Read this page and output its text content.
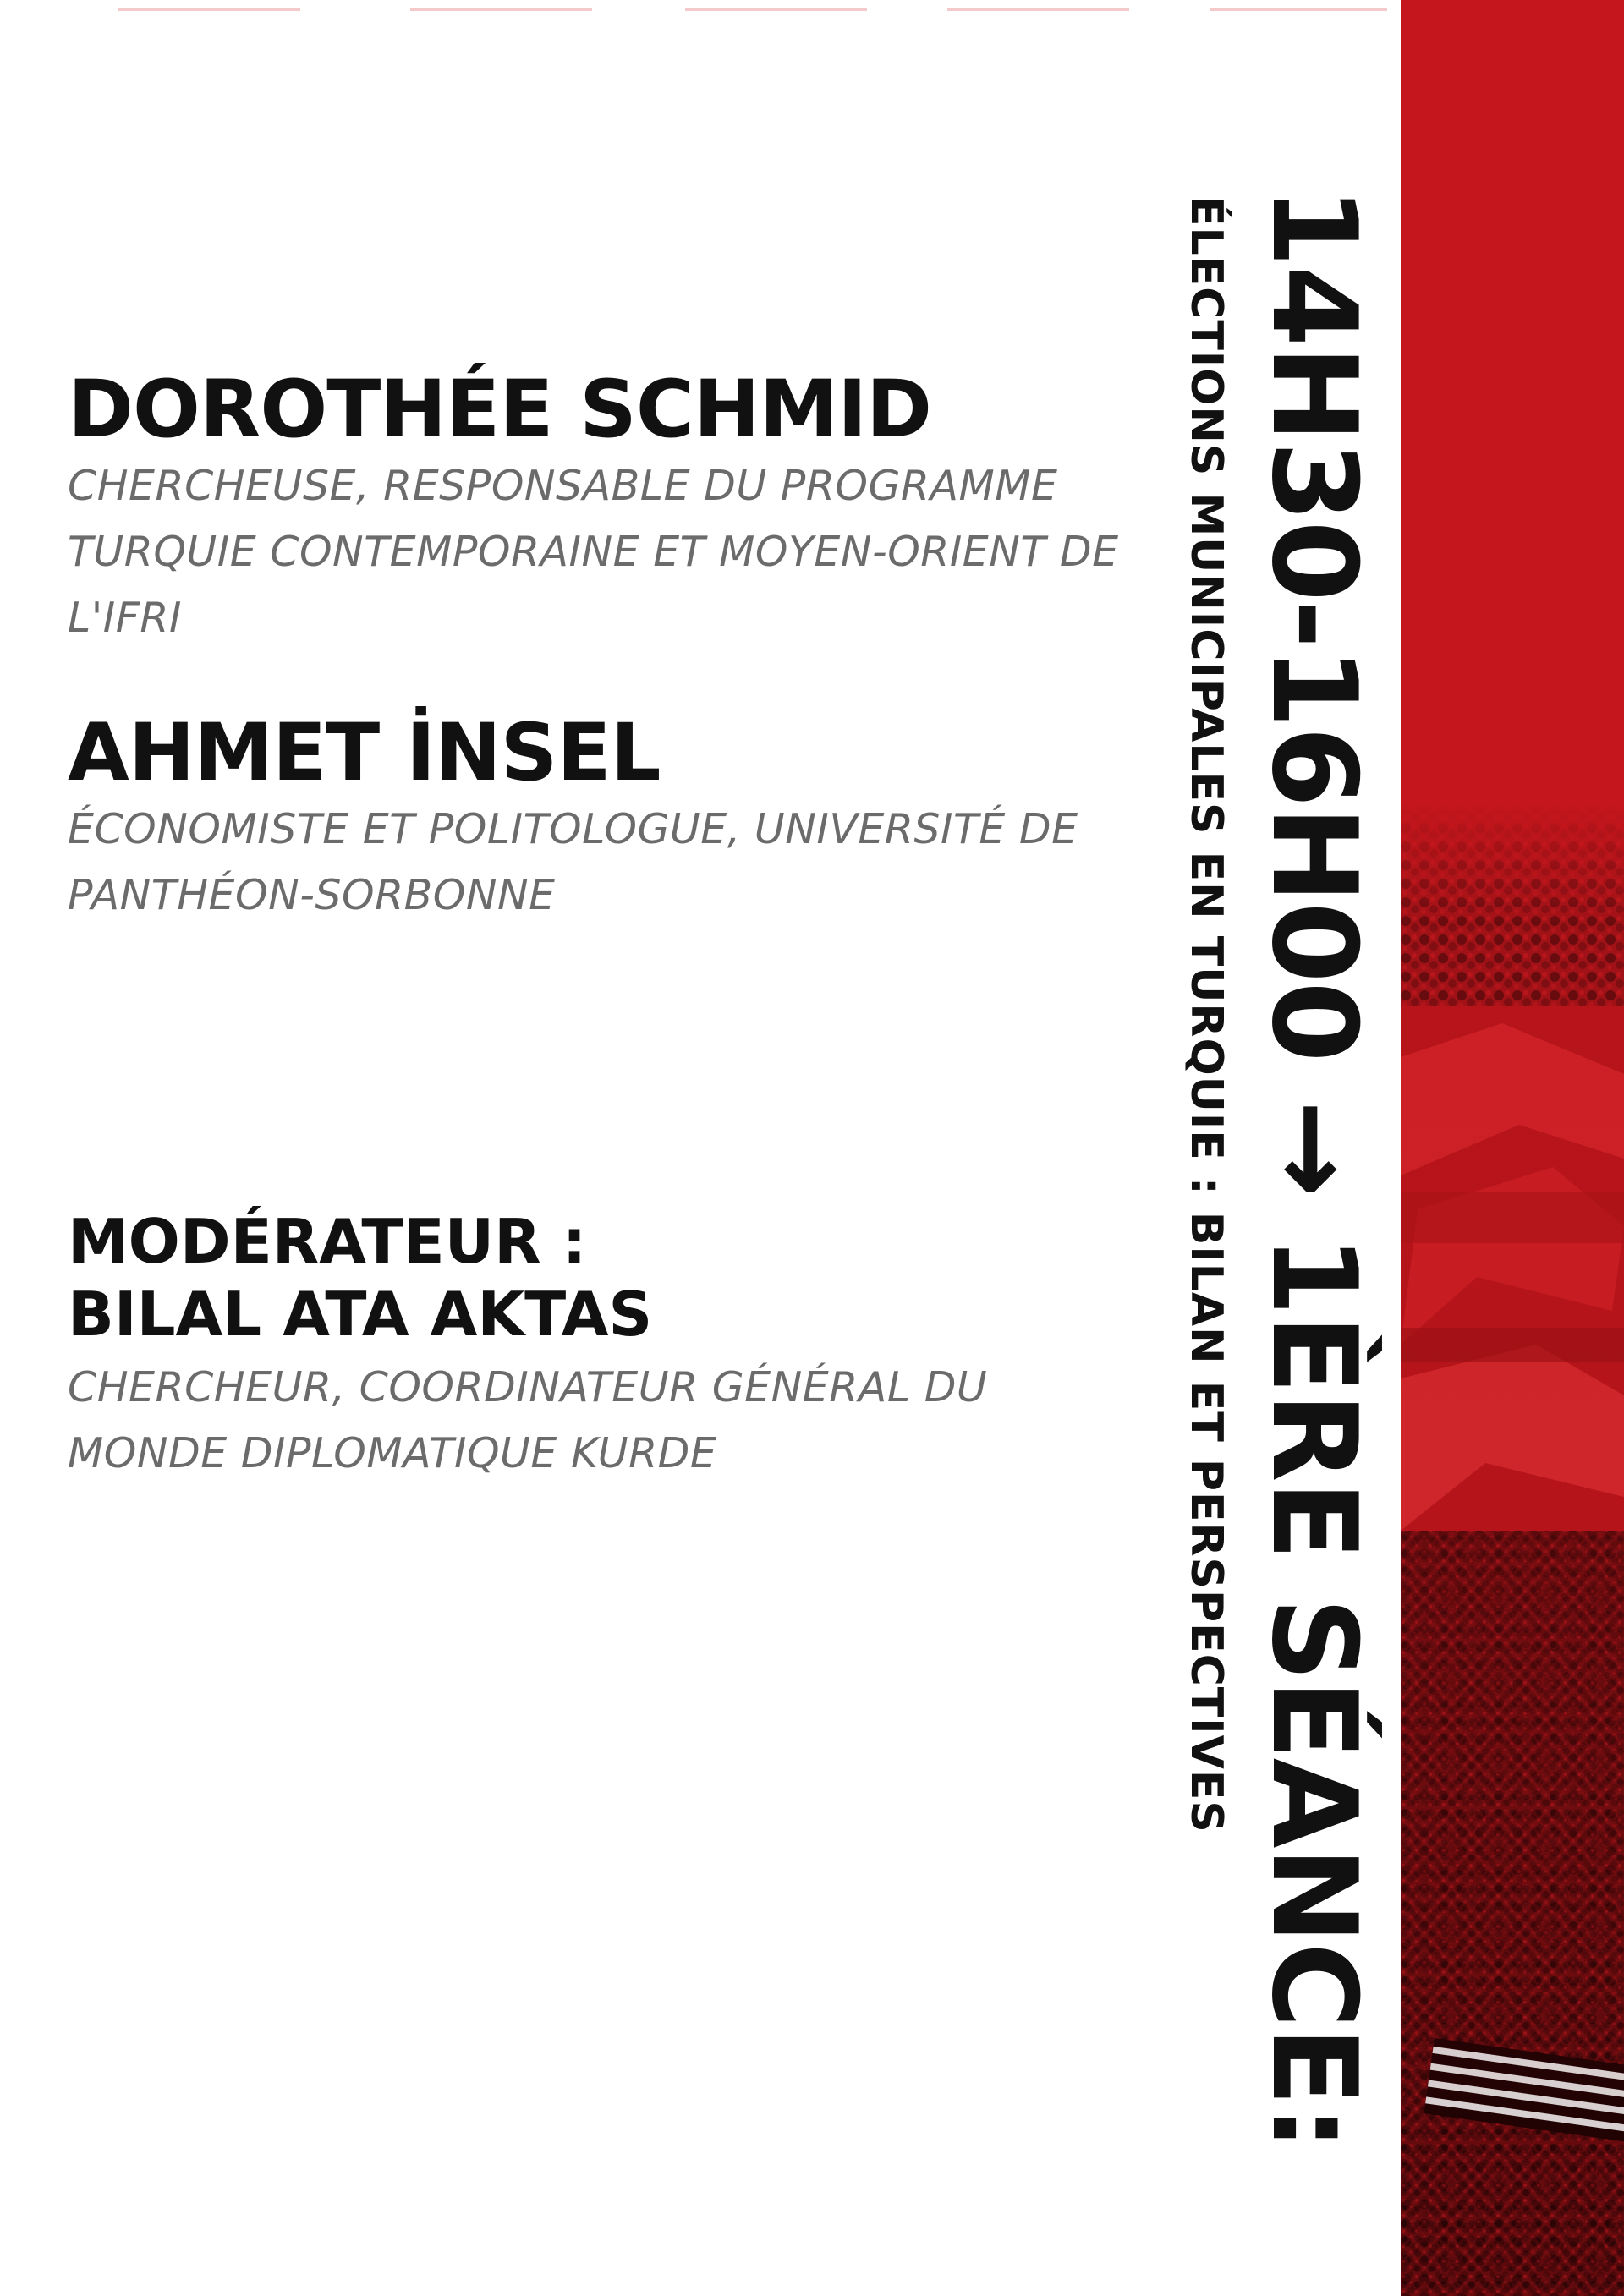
14H30-16H00 → 1ÈRE SÉANCE:
ÉLECTIONS MUNICIPALES EN TURQUIE : BILAN ET PERSPECTIVES
DOROTHÉE SCHMID

CHERCHEUSE, RESPONSABLE DU PROGRAMME TURQUIE CONTEMPORAINE ET MOYEN-ORIENT DE L'IFRI

AHMET İNSEL

ÉCONOMISTE ET POLITOLOGUE, UNIVERSITÉ DE PANTHÉON-SORBONNE

MODÉRATEUR :
BILAL ATA AKTAS

CHERCHEUR, COORDINATEUR GÉNÉRAL DU MONDE DIPLOMATIQUE KURDE
